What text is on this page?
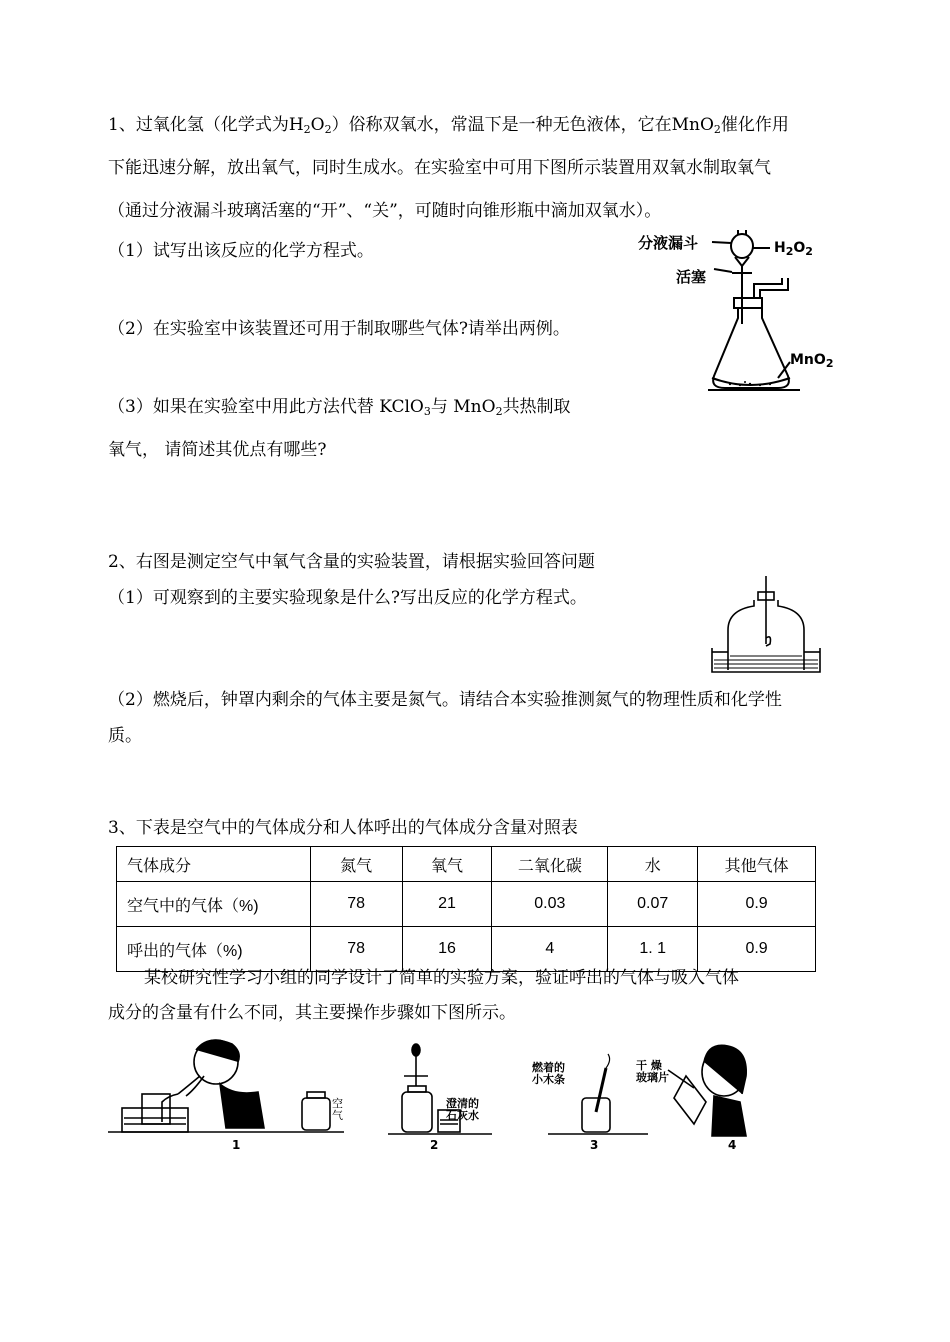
1、过氧化氢（化学式为$H_2O_2$）俗称双氧水，常温下是一种无色液体，它在MnO$_2$催化作用
下能迅速分解，放出氧气，同时生成水。在实验室中可用下图所示装置用双氧水制取氧气
（通过分液漏斗玻璃活塞的“开”、“关”，可随时向锥形瓶中滴加双氧水）。
（1）试写出该反应的化学方程式。
（2）在实验室中该装置还可用于制取哪些气体?请举出两例。
（3）如果在实验室中用此方法代替 KClO$_3$与 MnO$_2$共热制取
氧气， 请简述其优点有哪些?
分液漏斗	$H_2O_2$
活塞
MnO$_2$
2、右图是测定空气中氧气含量的实验装置，请根据实验回答问题
（1）可观察到的主要实验现象是什么?写出反应的化学方程式。
（2）燃烧后，钟罩内剩余的气体主要是氮气。请结合本实验推测氮气的物理性质和化学性
质。
3、下表是空气中的气体成分和人体呼出的气体成分含量对照表
气体成分	氮气	氧气	二氧化碳	水	其他气体
空气中的气体（%)	78	21	0.03	0.07	0.9
呼出的气体（%)	78	16	4	1. 1	0.9
某校研究性学习小组的同学设计了简单的实验方案，验证呼出的气体与吸入气体
成分的含量有什么不同，其主要操作步骤如下图所示。
1
空气
2
澄清的
石灰水
3
燃着的
小木条
4
干 燥
玻璃片
